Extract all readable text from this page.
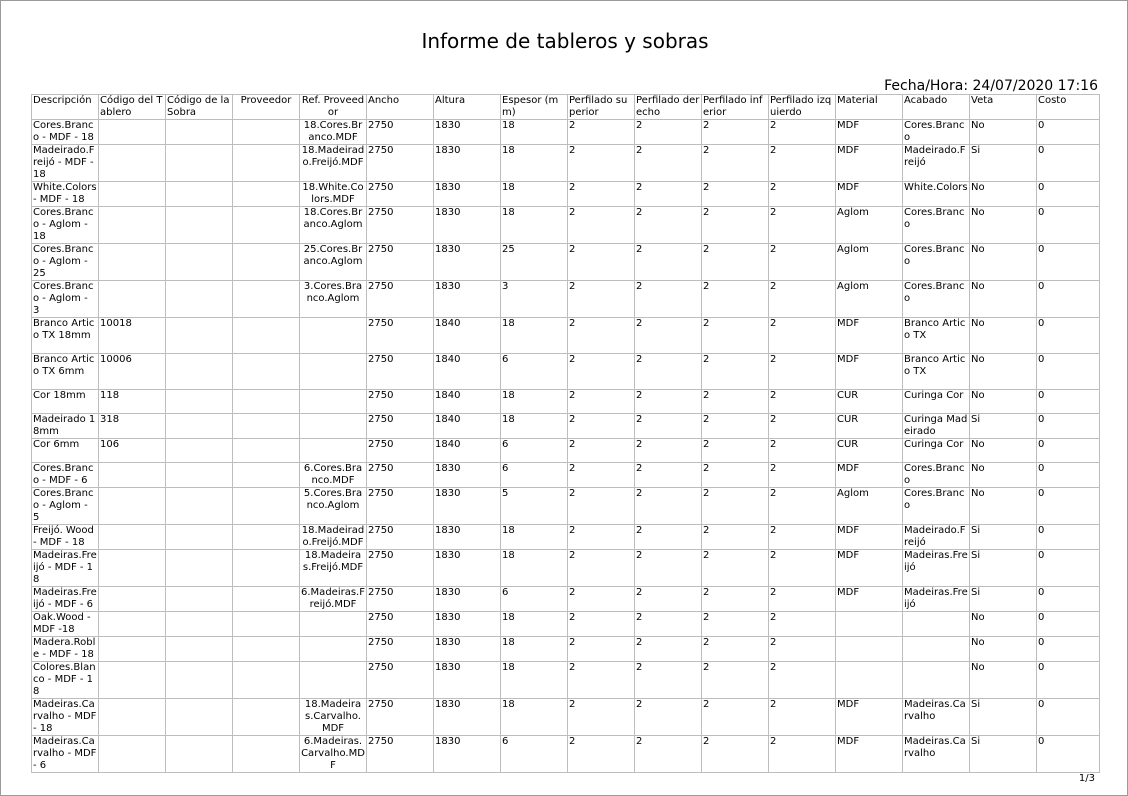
Informe de tableros y sobras
Fecha/Hora: 24/07/2020 17:16
Descripción	Código del Tablero	Código de la Sobra	Proveedor	Ref. Proveedor	Ancho	Altura	Espesor (mm)	Perfilado superior	Perfilado derecho	Perfilado inferior	Perfilado izquierdo	Material	Acabado	Veta	Costo
Cores.Branco - MDF - 18				18.Cores.Branco.MDF	2750	1830	18	2	2	2	2	MDF	Cores.Branco	No	0
Madeirado.Freijó - MDF - 18				18.Madeirado.Freijó.MDF	2750	1830	18	2	2	2	2	MDF	Madeirado.Freijó	Si	0
White.Colors - MDF - 18				18.White.Colors.MDF	2750	1830	18	2	2	2	2	MDF	White.Colors	No	0
Cores.Branco - Aglom - 18				18.Cores.Branco.Aglom	2750	1830	18	2	2	2	2	Aglom	Cores.Branco	No	0
Cores.Branco - Aglom - 25				25.Cores.Branco.Aglom	2750	1830	25	2	2	2	2	Aglom	Cores.Branco	No	0
Cores.Branco - Aglom - 3				3.Cores.Branco.Aglom	2750	1830	3	2	2	2	2	Aglom	Cores.Branco	No	0
Branco Artico TX 18mm	10018				2750	1840	18	2	2	2	2	MDF	Branco Artico TX	No	0
Branco Artico TX 6mm	10006				2750	1840	6	2	2	2	2	MDF	Branco Artico TX	No	0
Cor 18mm	118				2750	1840	18	2	2	2	2	CUR	Curinga Cor	No	0
Madeirado 18mm	318				2750	1840	18	2	2	2	2	CUR	Curinga Madeirado	Si	0
Cor 6mm	106				2750	1840	6	2	2	2	2	CUR	Curinga Cor	No	0
Cores.Branco - MDF - 6				6.Cores.Branco.MDF	2750	1830	6	2	2	2	2	MDF	Cores.Branco	No	0
Cores.Branco - Aglom - 5				5.Cores.Branco.Aglom	2750	1830	5	2	2	2	2	Aglom	Cores.Branco	No	0
Freijó. Wood - MDF - 18				18.Madeirado.Freijó.MDF	2750	1830	18	2	2	2	2	MDF	Madeirado.Freijó	Si	0
Madeiras.Freijó - MDF - 18				18.Madeiras.Freijó.MDF	2750	1830	18	2	2	2	2	MDF	Madeiras.Freijó	Si	0
Madeiras.Freijó - MDF - 6				6.Madeiras.Freijó.MDF	2750	1830	6	2	2	2	2	MDF	Madeiras.Freijó	Si	0
Oak.Wood - MDF -18					2750	1830	18	2	2	2	2			No	0
Madera.Roble - MDF - 18					2750	1830	18	2	2	2	2			No	0
Colores.Blanco - MDF - 18					2750	1830	18	2	2	2	2			No	0
Madeiras.Carvalho - MDF - 18				18.Madeiras.Carvalho.MDF	2750	1830	18	2	2	2	2	MDF	Madeiras.Carvalho	Si	0
Madeiras.Carvalho - MDF - 6				6.Madeiras.Carvalho.MDF	2750	1830	6	2	2	2	2	MDF	Madeiras.Carvalho	Si	0
1/3
